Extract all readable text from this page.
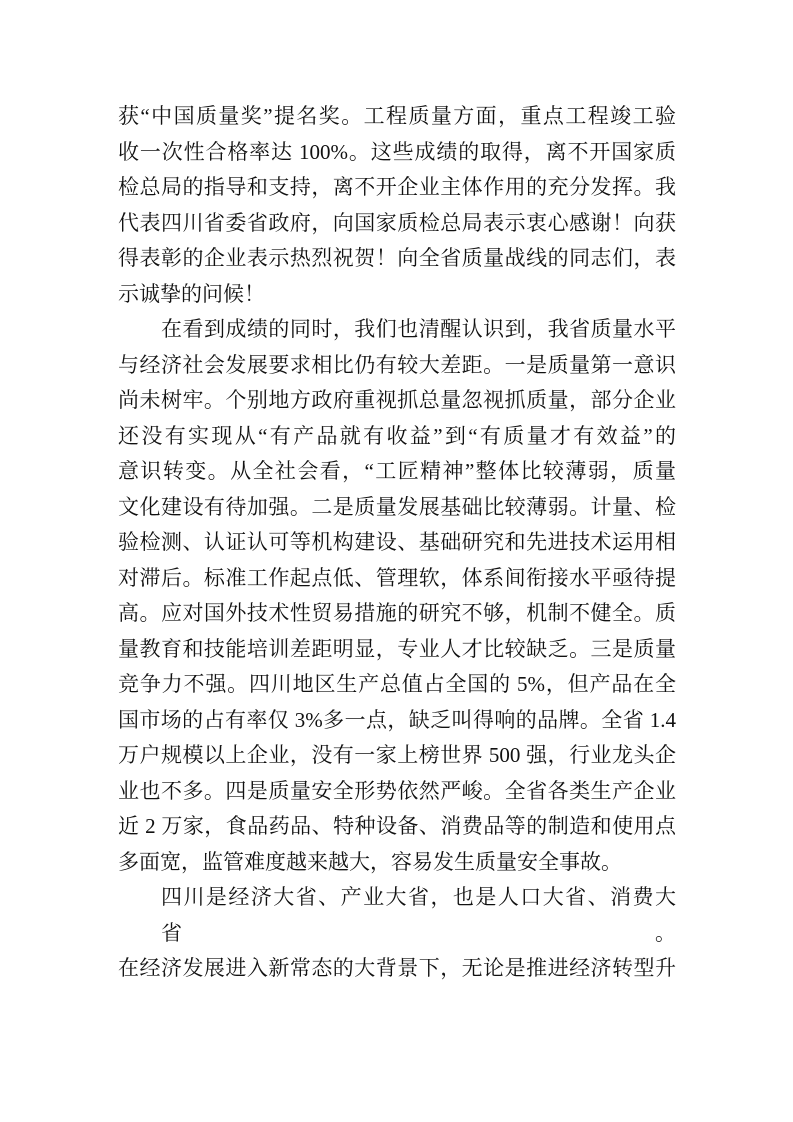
获“中国质量奖”提名奖。工程质量方面，重点工程竣工验
收一次性合格率达 100%。这些成绩的取得，离不开国家质
检总局的指导和支持，离不开企业主体作用的充分发挥。我
代表四川省委省政府，向国家质检总局表示衷心感谢！向获
得表彰的企业表示热烈祝贺！向全省质量战线的同志们，表
示诚挚的问候！
在看到成绩的同时，我们也清醒认识到，我省质量水平
与经济社会发展要求相比仍有较大差距。一是质量第一意识
尚未树牢。个别地方政府重视抓总量忽视抓质量，部分企业
还没有实现从“有产品就有收益”到“有质量才有效益”的
意识转变。从全社会看，“工匠精神”整体比较薄弱，质量
文化建设有待加强。二是质量发展基础比较薄弱。计量、检
验检测、认证认可等机构建设、基础研究和先进技术运用相
对滞后。标准工作起点低、管理软，体系间衔接水平亟待提
高。应对国外技术性贸易措施的研究不够，机制不健全。质
量教育和技能培训差距明显，专业人才比较缺乏。三是质量
竞争力不强。四川地区生产总值占全国的 5%，但产品在全
国市场的占有率仅 3%多一点，缺乏叫得响的品牌。全省 1.4
万户规模以上企业，没有一家上榜世界 500 强，行业龙头企
业也不多。四是质量安全形势依然严峻。全省各类生产企业
近 2 万家，食品药品、特种设备、消费品等的制造和使用点
多面宽，监管难度越来越大，容易发生质量安全事故。
四川是经济大省、产业大省，也是人口大省、消费大省。
在经济发展进入新常态的大背景下，无论是推进经济转型升
